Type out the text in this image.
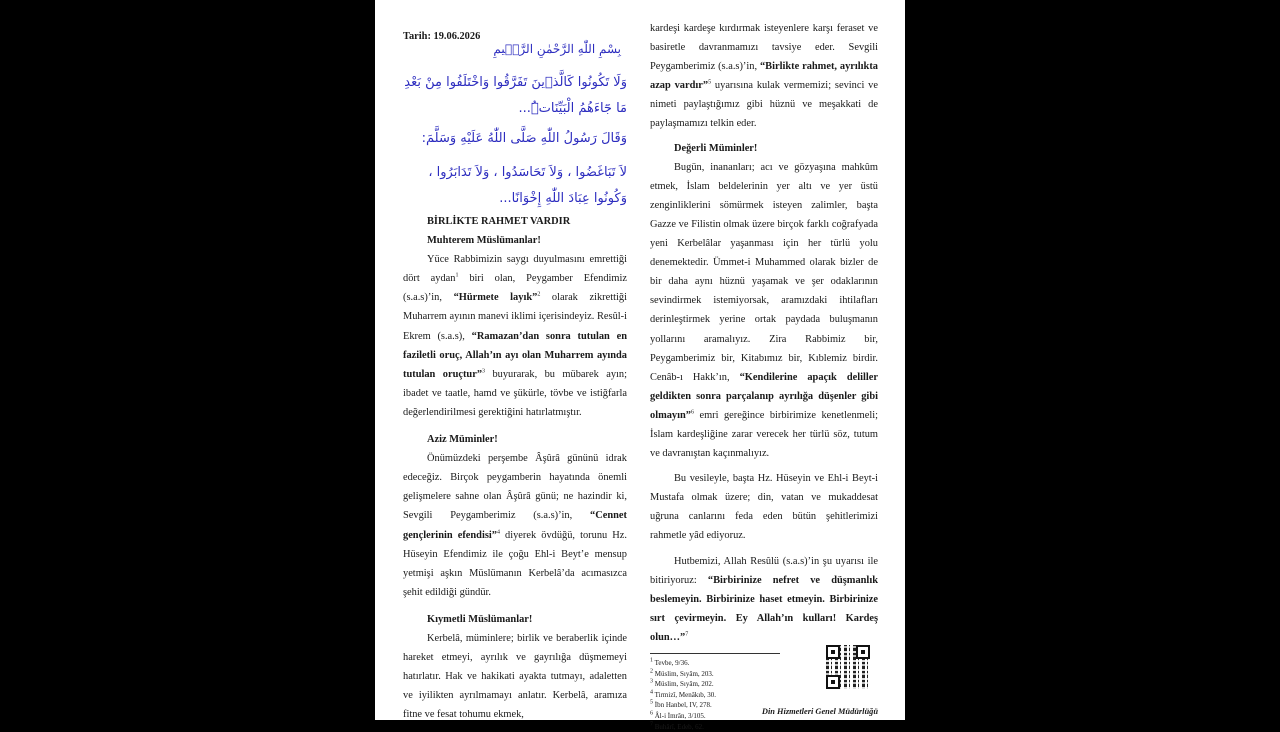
Tarih: 19.06.2026
بِسْمِ اللّٰهِ الرَّحْمٰنِ الرَّح۪يمِ
وَلَا تَكُونُوا كَالَّذ۪ينَ تَفَرَّقُوا وَاخْتَلَفُوا مِنْ بَعْدِ مَا جَٓاءَهُمُ الْبَيِّنَاتُۜ...
وَقَالَ رَسُولُ اللّٰهِ صَلَّى اللّٰهُ عَلَيْهِ وَسَلَّمَ:
لاَ تَبَاغَضُوا ، وَلاَ تَحَاسَدُوا ، وَلاَ تَدَابَرُوا ، وَكُونُوا عِبَادَ اللّٰهِ إِخْوَانًا...

BİRLİKTE RAHMET VARDIR

Muhterem Müslümanlar!

Yüce Rabbimizin saygı duyulmasını emrettiği dört aydan$^1$ biri olan, Peygamber Efendimiz (s.a.s)’in, “Hürmete layık”$^2$ olarak zikrettiği Muharrem ayının manevi iklimi içerisindeyiz. Resûl-i Ekrem (s.a.s), “Ramazan’dan sonra tutulan en faziletli oruç, Allah’ın ayı olan Muharrem ayında tutulan oruçtur”$^3$ buyurarak, bu mübarek ayın; ibadet ve taatle, hamd ve şükürle, tövbe ve istiğfarla değerlendirilmesi gerektiğini hatırlatmıştır.

Aziz Müminler!

Önümüzdeki perşembe Âşûrâ gününü idrak edeceğiz. Birçok peygamberin hayatında önemli gelişmelere sahne olan Âşûrâ günü; ne hazindir ki, Sevgili Peygamberimiz (s.a.s)’in, “Cennet gençlerinin efendisi”$^4$ diyerek övdüğü, torunu Hz. Hüseyin Efendimiz ile çoğu Ehl-i Beyt’e mensup yetmişi aşkın Müslümanın Kerbelâ’da acımasızca şehit edildiği gündür.

Kıymetli Müslümanlar!

Kerbelâ, müminlere; birlik ve beraberlik içinde hareket etmeyi, ayrılık ve gayrılığa düşmemeyi hatırlatır. Hak ve hakikati ayakta tutmayı, adaletten ve iyilikten ayrılmamayı anlatır. Kerbelâ, aramıza fitne ve fesat tohumu ekmek,

kardeşi kardeşe kırdırmak isteyenlere karşı feraset ve basiretle davranmamızı tavsiye eder. Sevgili Peygamberimiz (s.a.s)’in, “Birlikte rahmet, ayrılıkta azap vardır”$^5$ uyarısına kulak vermemizi; sevinci ve nimeti paylaştığımız gibi hüznü ve meşakkati de paylaşmamızı telkin eder.

Değerli Müminler!

Bugün, inananları; acı ve gözyaşına mahkûm etmek, İslam beldelerinin yer altı ve yer üstü zenginliklerini sömürmek isteyen zalimler, başta Gazze ve Filistin olmak üzere birçok farklı coğrafyada yeni Kerbelâlar yaşanması için her türlü yolu denemektedir. Ümmet-i Muhammed olarak bizler de bir daha aynı hüznü yaşamak ve şer odaklarının sevindirmek istemiyorsak, aramızdaki ihtilafları derinleştirmek yerine ortak paydada buluşmanın yollarını aramalıyız. Zira Rabbimiz bir, Peygamberimiz bir, Kitabımız bir, Kıblemiz birdir. Cenâb-ı Hakk’ın, “Kendilerine apaçık deliller geldikten sonra parçalanıp ayrılığa düşenler gibi olmayın”$^6$ emri gereğince birbirimize kenetlenmeli; İslam kardeşliğine zarar verecek her türlü söz, tutum ve davranıştan kaçınmalıyız.

Bu vesileyle, başta Hz. Hüseyin ve Ehl-i Beyt-i Mustafa olmak üzere; din, vatan ve mukaddesat uğruna canlarını feda eden bütün şehitlerimizi rahmetle yâd ediyoruz.

Hutbemizi, Allah Resûlü (s.a.s)’in şu uyarısı ile bitiriyoruz: “Birbirinize nefret ve düşmanlık beslemeyin. Birbirinize haset etmeyin. Birbirinize sırt çevirmeyin. Ey Allah’ın kulları! Kardeş olun…”$^7$

$^1$ Tevbe, 9/36.
$^2$ Müslim, Sıyâm, 203.
$^3$ Müslim, Sıyâm, 202.
$^4$ Tirmizî, Menâkıb, 30.
$^5$ İbn Hanbel, IV, 278.
$^6$ Âl-i İmrân, 3/105.
$^7$ Buhârî, Edeb, 62.
Din Hizmetleri Genel Müdürlüğü
